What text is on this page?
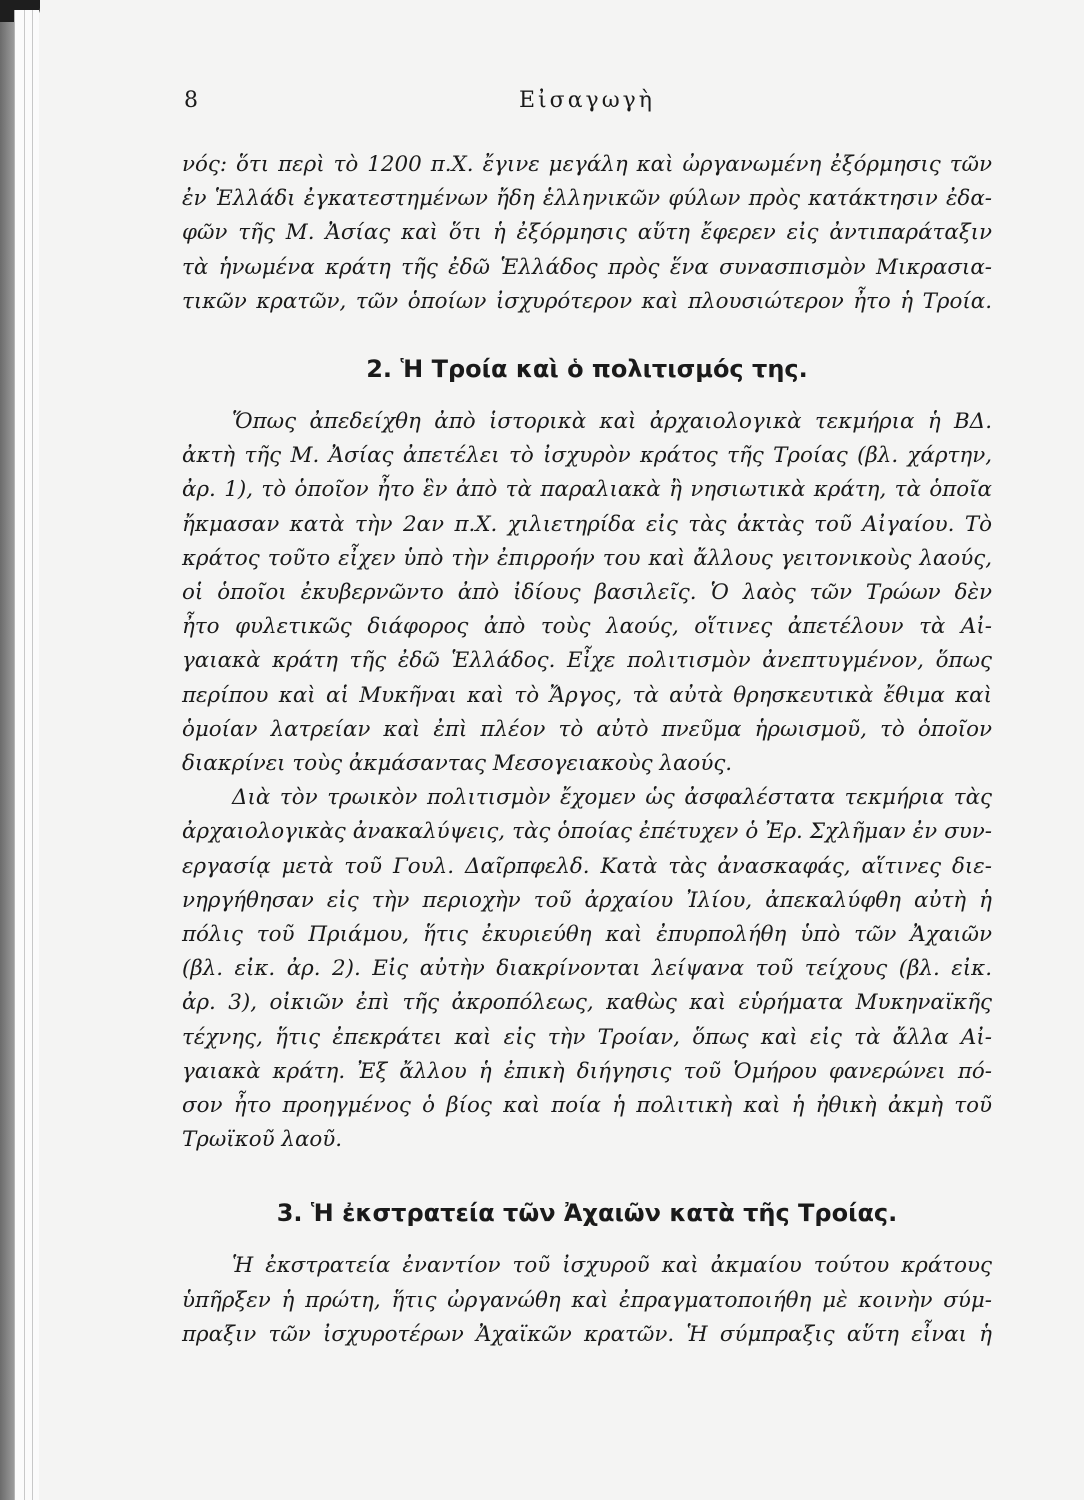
8	Εἰσαγωγὴ

νός: ὅτι περὶ τὸ 1200 π.Χ. ἔγινε μεγάλη καὶ ὠργανωμένη ἐξόρμησις τῶν
ἐν Ἑλλάδι ἐγκατεστημένων ἤδη ἑλληνικῶν φύλων πρὸς κατάκτησιν ἐδα-
φῶν τῆς Μ. Ἀσίας καὶ ὅτι ἡ ἐξόρμησις αὕτη ἔφερεν εἰς ἀντιπαράταξιν
τὰ ἡνωμένα κράτη τῆς ἐδῶ Ἑλλάδος πρὸς ἕνα συνασπισμὸν Μικρασια-
τικῶν κρατῶν, τῶν ὁποίων ἰσχυρότερον καὶ πλουσιώτερον ἦτο ἡ Τροία.

2. Ἡ Τροία καὶ ὁ πολιτισμός της.

Ὅπως ἀπεδείχθη ἀπὸ ἱστορικὰ καὶ ἀρχαιολογικὰ τεκμήρια ἡ ΒΔ.
ἀκτὴ τῆς Μ. Ἀσίας ἀπετέλει τὸ ἰσχυρὸν κράτος τῆς Τροίας (βλ. χάρτην,
ἀρ. 1), τὸ ὁποῖον ἦτο ἓν ἀπὸ τὰ παραλιακὰ ἢ νησιωτικὰ κράτη, τὰ ὁποῖα
ἤκμασαν κατὰ τὴν 2αν π.Χ. χιλιετηρίδα εἰς τὰς ἀκτὰς τοῦ Αἰγαίου. Τὸ
κράτος τοῦτο εἶχεν ὑπὸ τὴν ἐπιρροήν του καὶ ἄλλους γειτονικοὺς λαούς,
οἱ ὁποῖοι ἐκυβερνῶντο ἀπὸ ἰδίους βασιλεῖς. Ὁ λαὸς τῶν Τρώων δὲν
ἦτο φυλετικῶς διάφορος ἀπὸ τοὺς λαούς, οἵτινες ἀπετέλουν τὰ Αἰ-
γαιακὰ κράτη τῆς ἐδῶ Ἑλλάδος. Εἶχε πολιτισμὸν ἀνεπτυγμένον, ὅπως
περίπου καὶ αἱ Μυκῆναι καὶ τὸ Ἄργος, τὰ αὐτὰ θρησκευτικὰ ἔθιμα καὶ
ὁμοίαν λατρείαν καὶ ἐπὶ πλέον τὸ αὐτὸ πνεῦμα ἡρωισμοῦ, τὸ ὁποῖον
διακρίνει τοὺς ἀκμάσαντας Μεσογειακοὺς λαούς.

Διὰ τὸν τρωικὸν πολιτισμὸν ἔχομεν ὡς ἀσφαλέστατα τεκμήρια τὰς
ἀρχαιολογικὰς ἀνακαλύψεις, τὰς ὁποίας ἐπέτυχεν ὁ Ἐρ. Σχλῆμαν ἐν συν-
εργασίᾳ μετὰ τοῦ Γουλ. Δαῖρπφελδ. Κατὰ τὰς ἀνασκαφάς, αἵτινες διε-
νηργήθησαν εἰς τὴν περιοχὴν τοῦ ἀρχαίου Ἰλίου, ἀπεκαλύφθη αὐτὴ ἡ
πόλις τοῦ Πριάμου, ἥτις ἐκυριεύθη καὶ ἐπυρπολήθη ὑπὸ τῶν Ἀχαιῶν
(βλ. εἰκ. ἀρ. 2). Εἰς αὐτὴν διακρίνονται λείψανα τοῦ τείχους (βλ. εἰκ.
ἀρ. 3), οἰκιῶν ἐπὶ τῆς ἀκροπόλεως, καθὼς καὶ εὑρήματα Μυκηναϊκῆς
τέχνης, ἥτις ἐπεκράτει καὶ εἰς τὴν Τροίαν, ὅπως καὶ εἰς τὰ ἄλλα Αἰ-
γαιακὰ κράτη. Ἐξ ἄλλου ἡ ἐπικὴ διήγησις τοῦ Ὁμήρου φανερώνει πό-
σον ἦτο προηγμένος ὁ βίος καὶ ποία ἡ πολιτικὴ καὶ ἡ ἠθικὴ ἀκμὴ τοῦ
Τρωϊκοῦ λαοῦ.

3. Ἡ ἐκστρατεία τῶν Ἀχαιῶν κατὰ τῆς Τροίας.

Ἡ ἐκστρατεία ἐναντίον τοῦ ἰσχυροῦ καὶ ἀκμαίου τούτου κράτους
ὑπῆρξεν ἡ πρώτη, ἥτις ὠργανώθη καὶ ἐπραγματοποιήθη μὲ κοινὴν σύμ-
πραξιν τῶν ἰσχυροτέρων Ἀχαϊκῶν κρατῶν. Ἡ σύμπραξις αὕτη εἶναι ἡ
